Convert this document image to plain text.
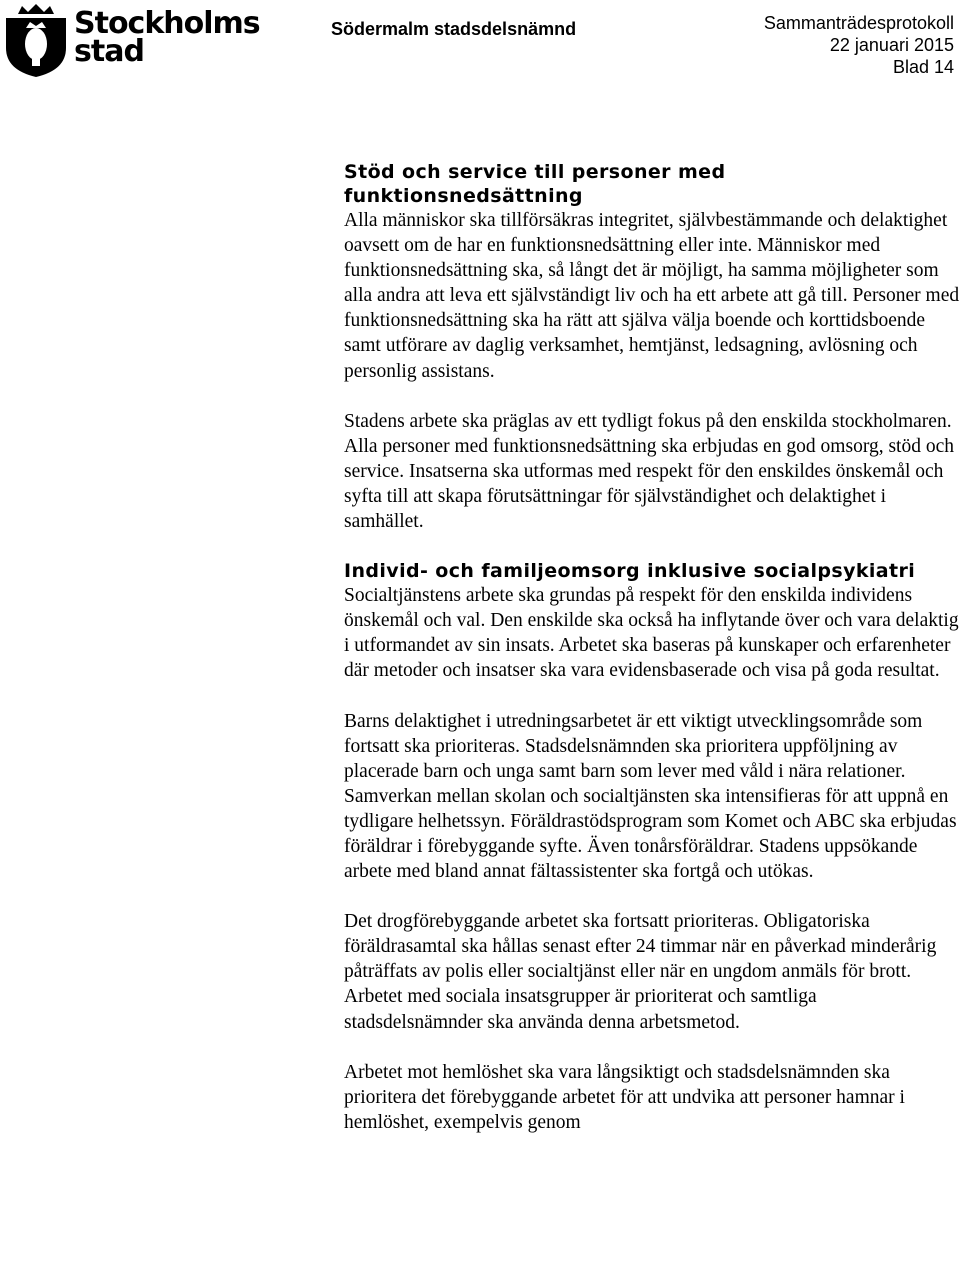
Stockholms
stad
Södermalm stadsdelsnämnd	Sammanträdesprotokoll
22 januari 2015
Blad 14
Stöd och service till personer med funktionsnedsättning

Alla människor ska tillförsäkras integritet, självbestämmande och delaktighet oavsett om de har en funktionsnedsättning eller inte. Människor med funktionsnedsättning ska, så långt det är möjligt, ha samma möjligheter som alla andra att leva ett självständigt liv och ha ett arbete att gå till. Personer med funktionsnedsättning ska ha rätt att själva välja boende och korttidsboende samt utförare av daglig verksamhet, hemtjänst, ledsagning, avlösning och personlig assistans.

Stadens arbete ska präglas av ett tydligt fokus på den enskilda stockholmaren. Alla personer med funktionsnedsättning ska erbjudas en god omsorg, stöd och service. Insatserna ska utformas med respekt för den enskildes önskemål och syfta till att skapa förutsättningar för självständighet och delaktighet i samhället.

Individ- och familjeomsorg inklusive socialpsykiatri

Socialtjänstens arbete ska grundas på respekt för den enskilda individens önskemål och val. Den enskilde ska också ha inflytande över och vara delaktig i utformandet av sin insats. Arbetet ska baseras på kunskaper och erfarenheter där metoder och insatser ska vara evidensbaserade och visa på goda resultat.

Barns delaktighet i utredningsarbetet är ett viktigt utvecklingsområde som fortsatt ska prioriteras. Stadsdelsnämnden ska prioritera uppföljning av placerade barn och unga samt barn som lever med våld i nära relationer. Samverkan mellan skolan och socialtjänsten ska intensifieras för att uppnå en tydligare helhetssyn. Föräldrastödsprogram som Komet och ABC ska erbjudas föräldrar i förebyggande syfte. Även tonårsföräldrar. Stadens uppsökande arbete med bland annat fältassistenter ska fortgå och utökas.

Det drogförebyggande arbetet ska fortsatt prioriteras. Obligatoriska föräldrasamtal ska hållas senast efter 24 timmar när en påverkad minderårig påträffats av polis eller socialtjänst eller när en ungdom anmäls för brott. Arbetet med sociala insatsgrupper är prioriterat och samtliga stadsdelsnämnder ska använda denna arbetsmetod.

Arbetet mot hemlöshet ska vara långsiktigt och stadsdelsnämnden ska prioritera det förebyggande arbetet för att undvika att personer hamnar i hemlöshet, exempelvis genom
